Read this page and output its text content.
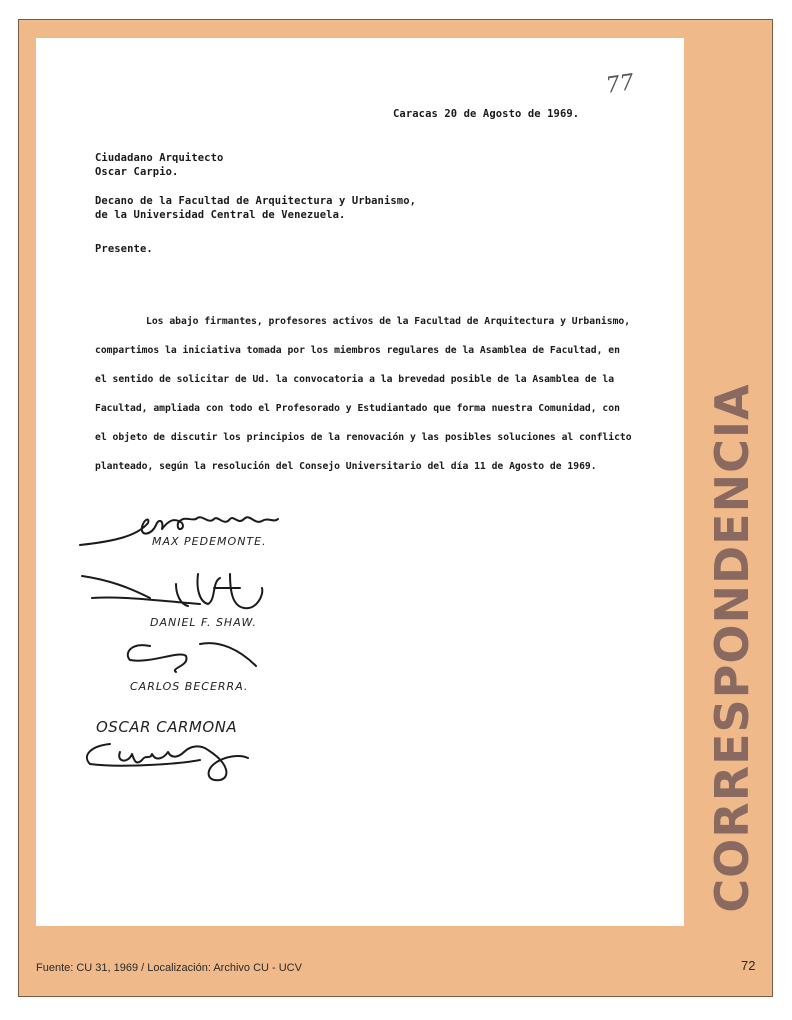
77
Caracas 20 de Agosto de 1969.
Ciudadano Arquitecto
Oscar Carpio.
Decano de la Facultad de Arquitectura y Urbanismo,
de la Universidad Central de Venezuela.
Presente.
Los abajo firmantes, profesores activos de la Facultad de Arquitectura y Urbanismo,
compartimos la iniciativa tomada por los miembros regulares de la Asamblea de Facultad, en
el sentido de solicitar de Ud. la convocatoria a la brevedad posible de la Asamblea de la
Facultad, ampliada con todo el Profesorado y Estudiantado que forma nuestra Comunidad, con
el objeto de discutir los principios de la renovación y las posibles soluciones al conflicto
planteado, según la resolución del Consejo Universitario del día 11 de Agosto de 1969.
MAX PEDEMONTE.
DANIEL F. SHAW.
CARLOS BECERRA.
OSCAR CARMONA	CORRESPONDENCIA
Fuente: CU 31, 1969 / Localización: Archivo CU - UCV	72
